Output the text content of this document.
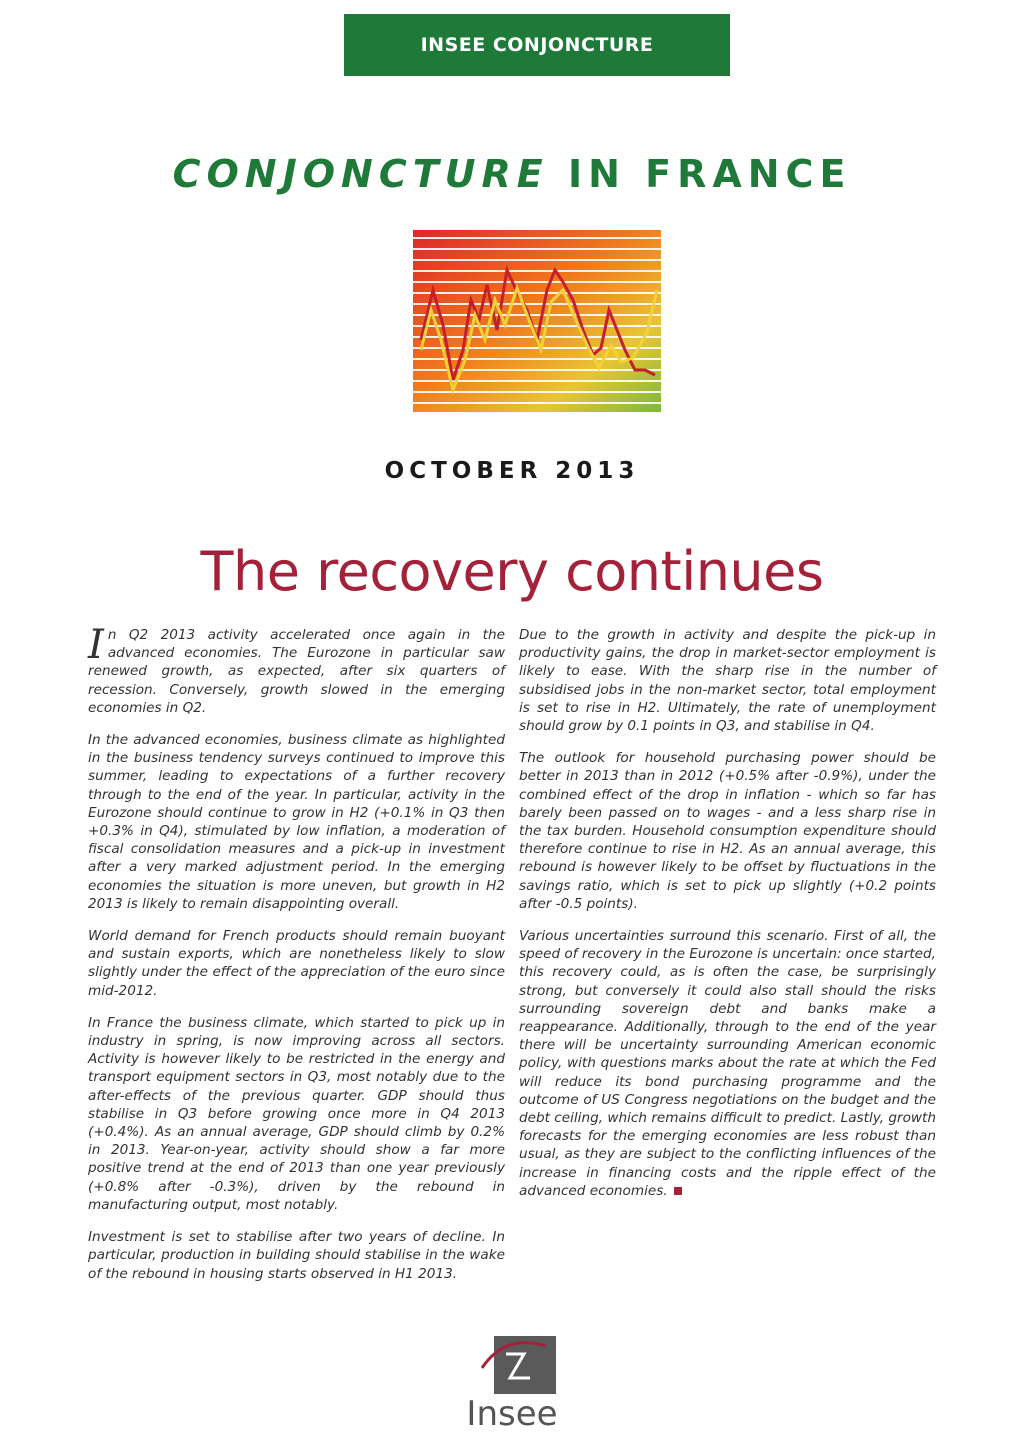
INSEE CONJONCTURE
CONJONCTURE IN FRANCE
OCTOBER 2013
The recovery continues

In Q2 2013 activity accelerated once again in the advanced economies. The Eurozone in particular saw renewed growth, as expected, after six quarters of recession. Conversely, growth slowed in the emerging economies in Q2.

In the advanced economies, business climate as highlighted in the business tendency surveys continued to improve this summer, leading to expectations of a further recovery through to the end of the year. In particular, activity in the Eurozone should continue to grow in H2 (+0.1% in Q3 then +0.3% in Q4), stimulated by low inflation, a moderation of fiscal consolidation measures and a pick-up in investment after a very marked adjustment period. In the emerging economies the situation is more uneven, but growth in H2 2013 is likely to remain disappointing overall.

World demand for French products should remain buoyant and sustain exports, which are nonetheless likely to slow slightly under the effect of the appreciation of the euro since mid-2012.

In France the business climate, which started to pick up in industry in spring, is now improving across all sectors. Activity is however likely to be restricted in the energy and transport equipment sectors in Q3, most notably due to the after-effects of the previous quarter. GDP should thus stabilise in Q3 before growing once more in Q4 2013 (+0.4%). As an annual average, GDP should climb by 0.2% in 2013. Year-on-year, activity should show a far more positive trend at the end of 2013 than one year previously (+0.8% after -0.3%), driven by the rebound in manufacturing output, most notably.

Investment is set to stabilise after two years of decline. In particular, production in building should stabilise in the wake of the rebound in housing starts observed in H1 2013.

Due to the growth in activity and despite the pick-up in productivity gains, the drop in market-sector employment is likely to ease. With the sharp rise in the number of subsidised jobs in the non-market sector, total employment is set to rise in H2. Ultimately, the rate of unemployment should grow by 0.1 points in Q3, and stabilise in Q4.

The outlook for household purchasing power should be better in 2013 than in 2012 (+0.5% after -0.9%), under the combined effect of the drop in inflation - which so far has barely been passed on to wages - and a less sharp rise in the tax burden. Household consumption expenditure should therefore continue to rise in H2. As an annual average, this rebound is however likely to be offset by fluctuations in the savings ratio, which is set to pick up slightly (+0.2 points after -0.5 points).

Various uncertainties surround this scenario. First of all, the speed of recovery in the Eurozone is uncertain: once started, this recovery could, as is often the case, be surprisingly strong, but conversely it could also stall should the risks surrounding sovereign debt and banks make a reappearance. Additionally, through to the end of the year there will be uncertainty surrounding American economic policy, with questions marks about the rate at which the Fed will reduce its bond purchasing programme and the outcome of US Congress negotiations on the budget and the debt ceiling, which remains difficult to predict. Lastly, growth forecasts for the emerging economies are less robust than usual, as they are subject to the conflicting influences of the increase in financing costs and the ripple effect of the advanced economies.

Insee
